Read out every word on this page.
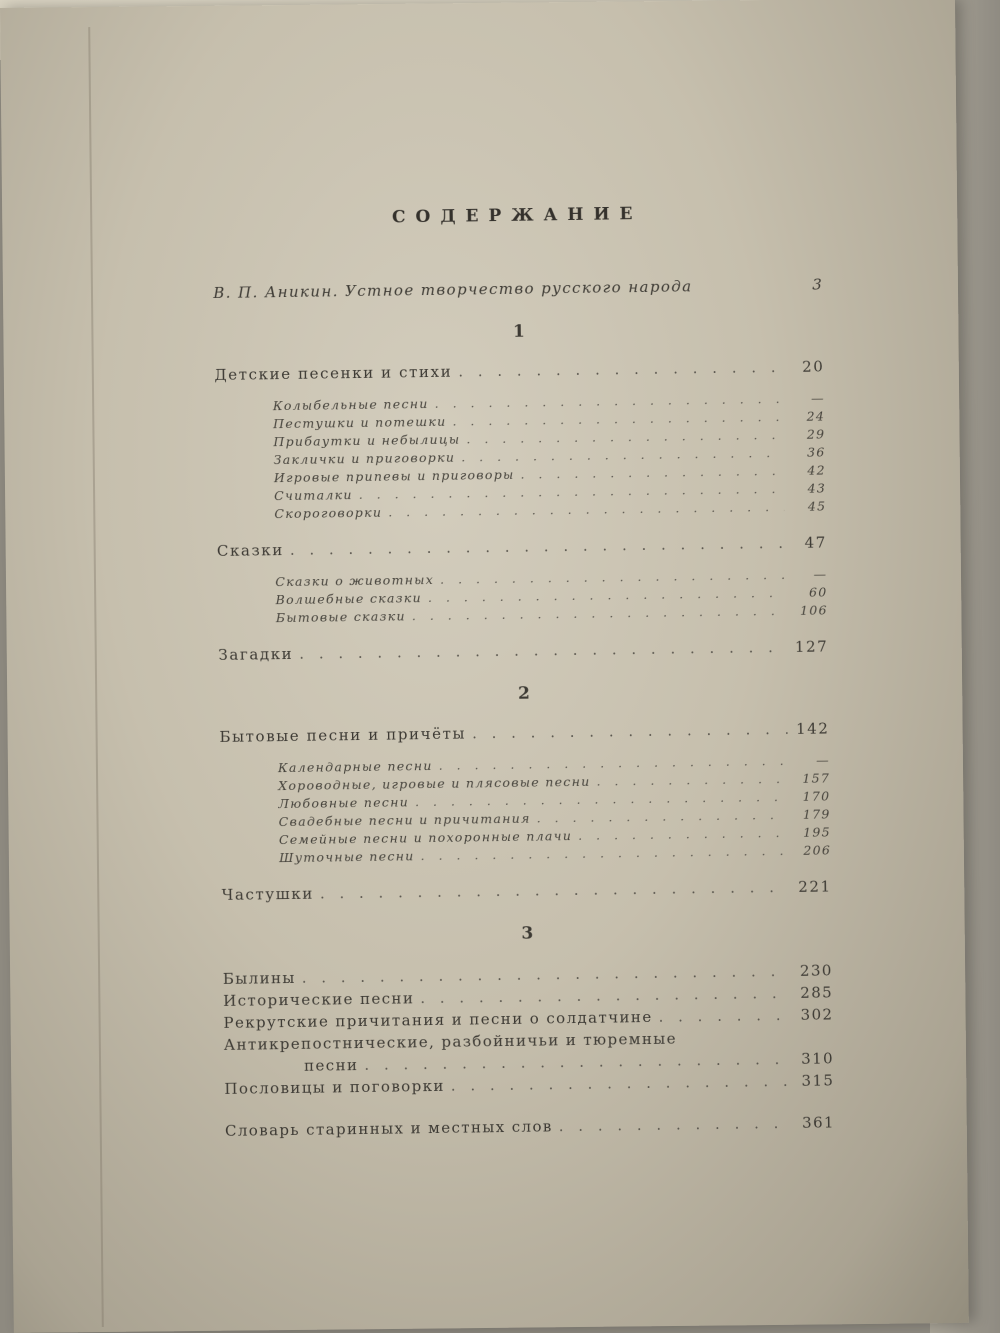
СОДЕРЖАНИЕ
В. П. Аникин. Устное творчество русского народа	3
1
Детские песенки и стихи . . .	20
Колыбельные песни . . .	—
Пестушки и потешки . . .	24
Прибаутки и небылицы . . .	29
Заклички и приговорки . . .	36
Игровые припевы и приговоры . . .	42
Считалки . . .	43
Скороговорки . . .	45
Сказки . . .	47
Сказки о животных . . .	—
Волшебные сказки . . .	60
Бытовые сказки . . .	106
Загадки . . .	127
2
Бытовые песни и причёты . . .	142
Календарные песни . . .	—
Хороводные, игровые и плясовые песни . . .	157
Любовные песни . . .	170
Свадебные песни и причитания . . .	179
Семейные песни и похоронные плачи . . .	195
Шуточные песни . . .	206
Частушки . . .	221
3
Былины . . .	230
Исторические песни . . .	285
Рекрутские причитания и песни о солдатчине . . .	302
Антикрепостнические, разбойничьи и тюремные
песни . . .	310
Пословицы и поговорки . . .	315
Словарь старинных и местных слов . . .	361
